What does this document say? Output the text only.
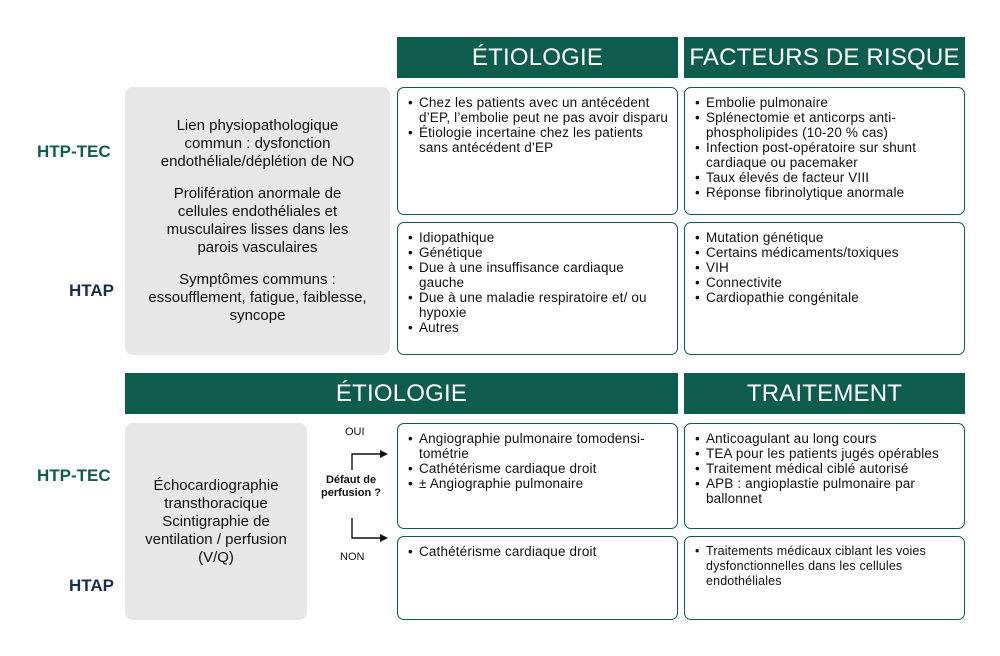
ÉTIOLOGIE	FACTEURS DE RISQUE

Lien physiopathologique commun : dysfonction endothéliale/déplétion de NO

Prolifération anormale de cellules endothéliales et musculaires lisses dans les parois vasculaires

Symptômes communs : essoufflement, fatigue, faiblesse, syncope

HTP-TEC
HTAP
• Chez les patients avec un antécédent d’EP, l’embolie peut ne pas avoir disparu
• Étiologie incertaine chez les patients sans antécédent d’EP
• Embolie pulmonaire
• Splénectomie et anticorps anti-phospholipides (10-20 % cas)
• Infection post-opératoire sur shunt cardiaque ou pacemaker
• Taux élevés de facteur VIII
• Réponse fibrinolytique anormale
• Idiopathique
• Génétique
• Due à une insuffisance cardiaque gauche
• Due à une maladie respiratoire et/ ou hypoxie
• Autres
• Mutation génétique
• Certains médicaments/toxiques
• VIH
• Connectivite
• Cardiopathie congénitale
ÉTIOLOGIE	TRAITEMENT
HTP-TEC
HTAP

Échocardiographie transthoracique Scintigraphie de ventilation / perfusion (V/Q)

OUI
Défaut de perfusion ?
NON
• Angiographie pulmonaire tomodensi-tométrie
• Cathétérisme cardiaque droit
• ± Angiographie pulmonaire
• Anticoagulant au long cours
• TEA pour les patients jugés opérables
• Traitement médical ciblé autorisé
• APB : angioplastie pulmonaire par ballonnet
• Cathétérisme cardiaque droit
•	Traitements médicaux ciblant les voies dysfonctionnelles dans les cellules endothéliales
